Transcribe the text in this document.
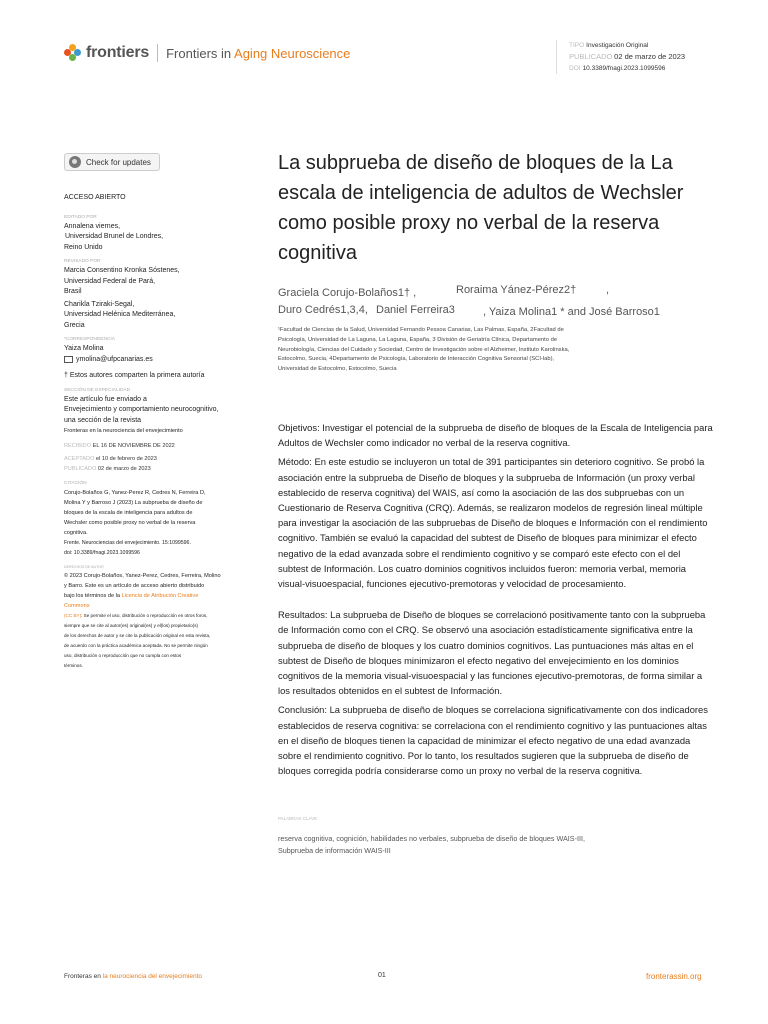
frontiers Frontiers in Aging Neuroscience	TIPO Investigación Original
PUBLICADO 02 de marzo de 2023
DOI 10.3389/fnagi.2023.1099596
Check for updates
ACCESO ABIERTO
EDITADO POR
Annalena viernes,
Universidad Brunel de Londres,
Reino Unido
REVISADO POR
Marcia Consentino Kronka Sóstenes,
Universidad Federal de Pará,
Brasil
Charikla Tziraki-Segal,
Universidad Helénica Mediterránea,
Grecia
*CORRESPONDENCIA
Yaiza Molina
ymolina@ufpcanarias.es
† Estos autores comparten la primera autoría
SECCIÓN DE ESPECIALIDAD
Este artículo fue enviado a
Envejecimiento y comportamiento neurocognitivo,
una sección de la revista
Fronteras en la neurociencia del envejecimiento
RECIBIDO EL 16 DE NOVIEMBRE DE 2022
ACEPTADO el 10 de febrero de 2023
PUBLICADO 02 de marzo de 2023
CITACIÓN
Corujo-Bolaños G, Yanez-Perez R, Cedres N, Ferreira D,
Molina Y y Barroso J (2023) La subprueba de diseño de
bloques de la escala de inteligencia para adultos de
Wechsler como posible proxy no verbal de la reserva
cognitiva.
Frente. Neurociencias del envejecimiento. 15:1099596.
doi: 10.3389/fnagi.2023.1099596
DERECHOS DE AUTOR
© 2023 Corujo-Bolaños, Yanez-Perez, Cedres, Ferreira, Molino
y Barro. Este es un artículo de acceso abierto distribuido
bajo los términos de la Licencia de Atribución Creative
Commons
(CC BY): Se permite el uso, distribución o reproducción en otros foros,
siempre que se cite al autor(es) original(es) y el(los) propietario(s)
de los derechos de autor y se cite la publicación original en esta revista,
de acuerdo con la práctica académica aceptada. No se permite ningún
uso, distribución o reproducción que no cumpla con estos
términos.
La subprueba de diseño de bloques de la La escala de inteligencia de adultos de Wechsler como posible proxy no verbal de la reserva cognitiva
Graciela Corujo-Bolaños1† ,	Roraima Yánez-Pérez2†	,
Duro Cedrés1,3,4, Daniel Ferreira3	, Yaiza Molina1 * and José Barroso1
¹Facultad de Ciencias de la Salud, Universidad Fernando Pessoa Canarias, Las Palmas, España, 2Facultad de
Psicología, Universidad de La Laguna, La Laguna, España, 3 División de Geriatría Clínica, Departamento de
Neurobiología, Ciencias del Cuidado y Sociedad, Centro de Investigación sobre el Alzheimer, Instituto Karolinska,
Estocolmo, Suecia, 4Departamento de Psicología, Laboratorio de Interacción Cognitiva Sensorial (SCI-lab),
Universidad de Estocolmo, Estocolmo, Suecia

Objetivos: Investigar el potencial de la subprueba de diseño de bloques de la Escala de Inteligencia para Adultos de Wechsler como indicador no verbal de la reserva cognitiva.

Método: En este estudio se incluyeron un total de 391 participantes sin deterioro cognitivo. Se probó la asociación entre la subprueba de Diseño de bloques y la subprueba de Información (un proxy verbal establecido de reserva cognitiva) del WAIS, así como la asociación de las dos subpruebas con un Cuestionario de Reserva Cognitiva (CRQ). Además, se realizaron modelos de regresión lineal múltiple para investigar la asociación de las subpruebas de Diseño de bloques e Información con el rendimiento cognitivo. También se evaluó la capacidad del subtest de Diseño de bloques para minimizar el efecto negativo de la edad avanzada sobre el rendimiento cognitivo y se comparó este efecto con el del subtest de Información. Los cuatro dominios cognitivos incluidos fueron: memoria verbal, memoria visual-visuoespacial, funciones ejecutivo-premotoras y velocidad de procesamiento.

Resultados: La subprueba de Diseño de bloques se correlacionó positivamente tanto con la subprueba de Información como con el CRQ. Se observó una asociación estadísticamente significativa entre la subprueba de diseño de bloques y los cuatro dominios cognitivos. Las puntuaciones más altas en el subtest de Diseño de bloques minimizaron el efecto negativo del envejecimiento en los dominios cognitivos de la memoria visual-visuoespacial y las funciones ejecutivo-premotoras, de forma similar a los resultados obtenidos en el subtest de Información.

Conclusión: La subprueba de diseño de bloques se correlaciona significativamente con dos indicadores establecidos de reserva cognitiva: se correlaciona con el rendimiento cognitivo y las puntuaciones altas en el diseño de bloques tienen la capacidad de minimizar el efecto negativo de una edad avanzada sobre el rendimiento cognitivo. Por lo tanto, los resultados sugieren que la subprueba de diseño de bloques corregida podría considerarse como un proxy no verbal de la reserva cognitiva.

PALABRAS CLAVE
reserva cognitiva, cognición, habilidades no verbales, subprueba de diseño de bloques WAIS-III,
Subprueba de información WAIS-III
Fronteras en la neurociencia del envejecimiento	01	fronterassin.org
